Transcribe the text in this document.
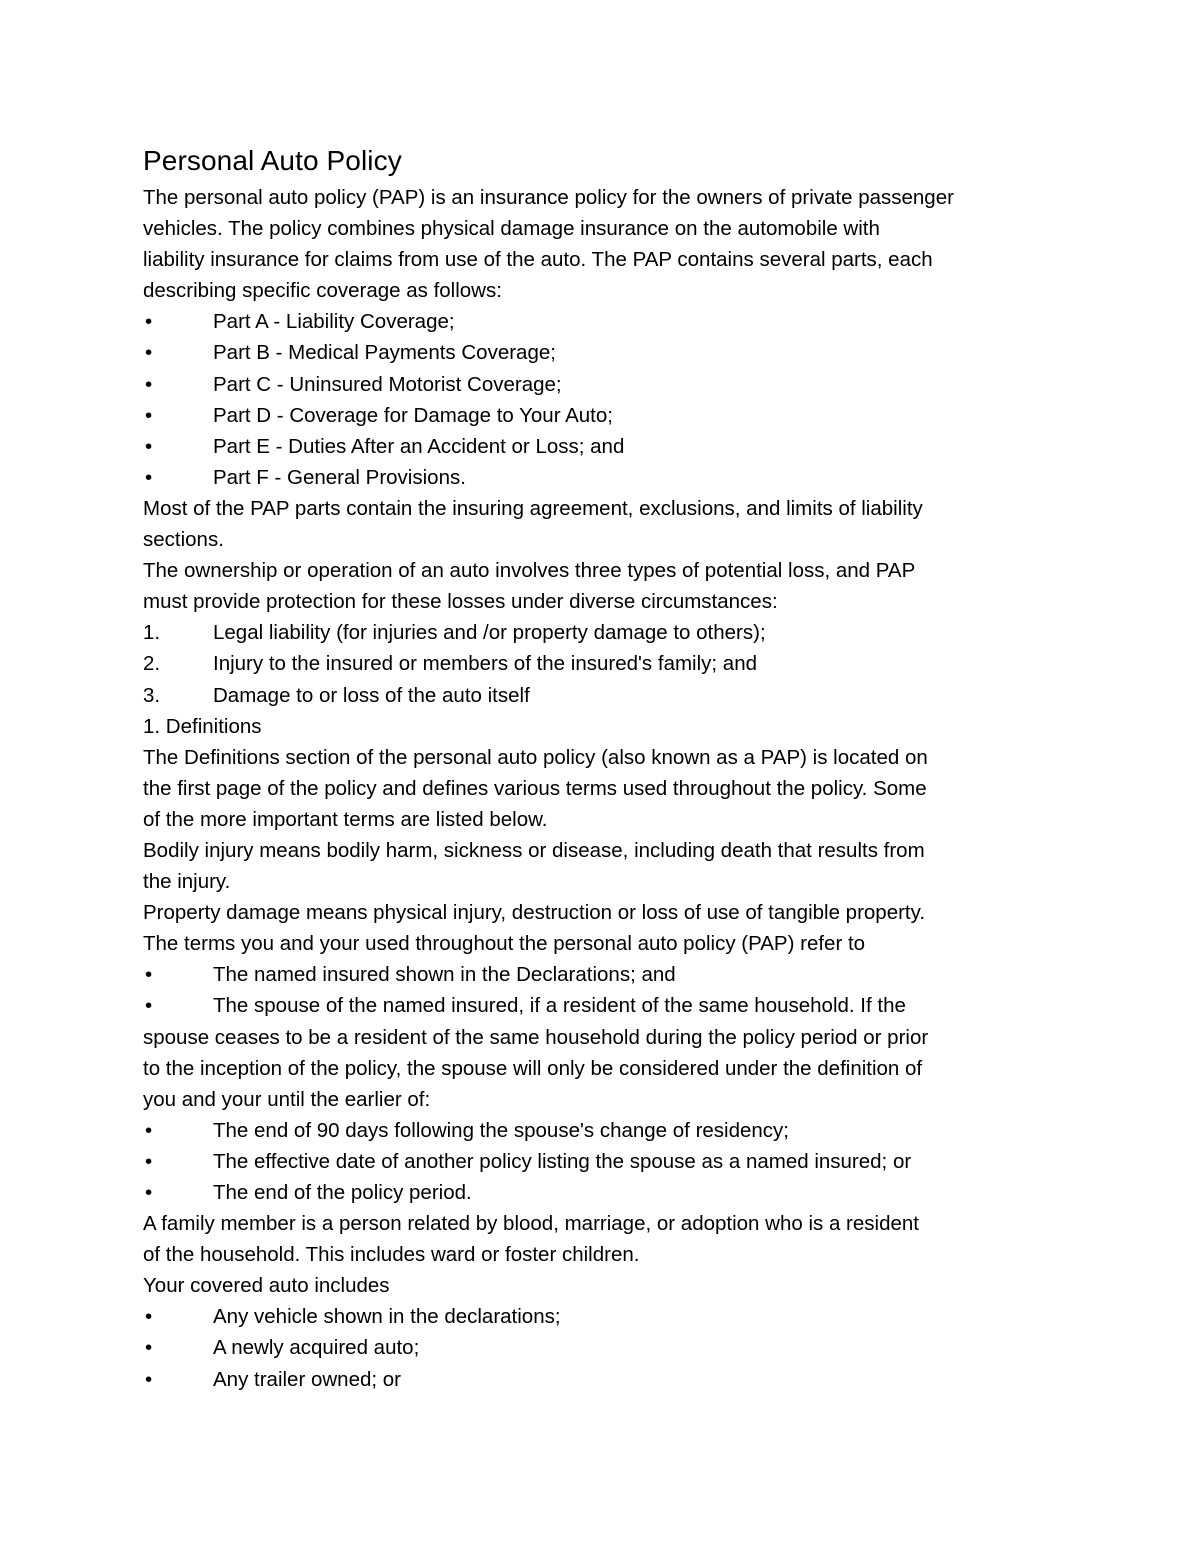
Personal Auto Policy

The personal auto policy (PAP) is an insurance policy for the owners of private passenger

vehicles. The policy combines physical damage insurance on the automobile with

liability insurance for claims from use of the auto. The PAP contains several parts, each

describing specific coverage as follows:

•	Part A - Liability Coverage;
•	Part B - Medical Payments Coverage;
•	Part C - Uninsured Motorist Coverage;
•	Part D - Coverage for Damage to Your Auto;
•	Part E - Duties After an Accident or Loss; and
•	Part F - General Provisions.

Most of the PAP parts contain the insuring agreement, exclusions, and limits of liability

sections.

The ownership or operation of an auto involves three types of potential loss, and PAP

must provide protection for these losses under diverse circumstances:

1.	Legal liability (for injuries and /or property damage to others);
2.	Injury to the insured or members of the insured's family; and
3.	Damage to or loss of the auto itself

1. Definitions

The Definitions section of the personal auto policy (also known as a PAP) is located on

the first page of the policy and defines various terms used throughout the policy. Some

of the more important terms are listed below.

Bodily injury means bodily harm, sickness or disease, including death that results from

the injury.

Property damage means physical injury, destruction or loss of use of tangible property.

The terms you and your used throughout the personal auto policy (PAP) refer to

•	The named insured shown in the Declarations; and
•	The spouse of the named insured, if a resident of the same household. If the

spouse ceases to be a resident of the same household during the policy period or prior

to the inception of the policy, the spouse will only be considered under the definition of

you and your until the earlier of:

•	The end of 90 days following the spouse's change of residency;
•	The effective date of another policy listing the spouse as a named insured; or
•	The end of the policy period.

A family member is a person related by blood, marriage, or adoption who is a resident

of the household. This includes ward or foster children.

Your covered auto includes

•	Any vehicle shown in the declarations;
•	A newly acquired auto;
•	Any trailer owned; or
